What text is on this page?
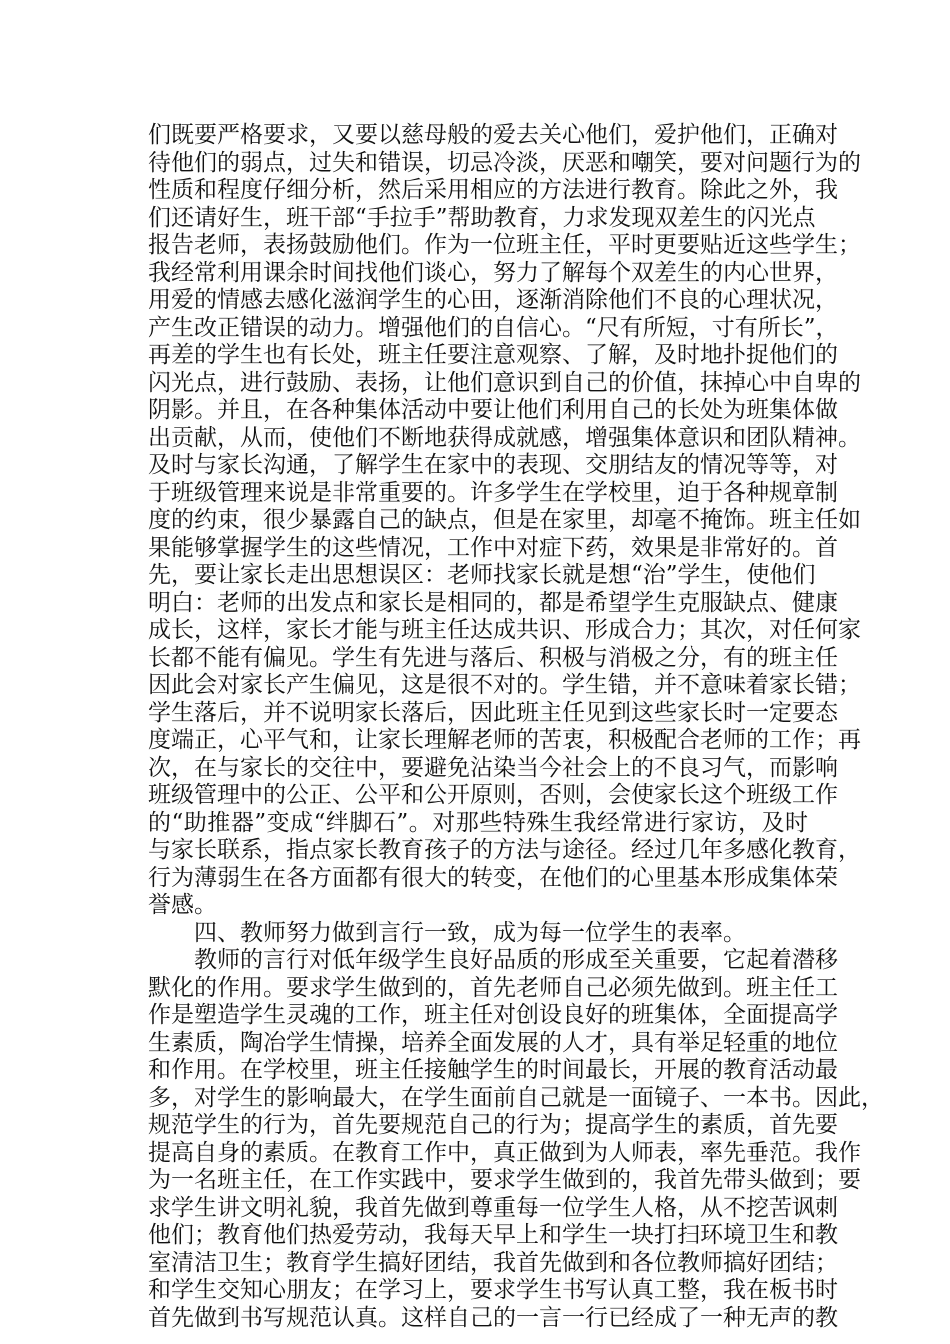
们既要严格要求，又要以慈母般的爱去关心他们，爱护他们，正确对
待他们的弱点，过失和错误，切忌冷淡，厌恶和嘲笑，要对问题行为的
性质和程度仔细分析，然后采用相应的方法进行教育。除此之外，我
们还请好生，班干部“手拉手”帮助教育，力求发现双差生的闪光点
报告老师，表扬鼓励他们。作为一位班主任，平时更要贴近这些学生；
我经常利用课余时间找他们谈心，努力了解每个双差生的内心世界，
用爱的情感去感化滋润学生的心田，逐渐消除他们不良的心理状况，
产生改正错误的动力。增强他们的自信心。“尺有所短，寸有所长”，
再差的学生也有长处，班主任要注意观察、了解，及时地扑捉他们的
闪光点，进行鼓励、表扬，让他们意识到自己的价值，抹掉心中自卑的
阴影。并且，在各种集体活动中要让他们利用自己的长处为班集体做
出贡献，从而，使他们不断地获得成就感，增强集体意识和团队精神。
及时与家长沟通，了解学生在家中的表现、交朋结友的情况等等，对
于班级管理来说是非常重要的。许多学生在学校里，迫于各种规章制
度的约束，很少暴露自己的缺点，但是在家里，却毫不掩饰。班主任如
果能够掌握学生的这些情况，工作中对症下药，效果是非常好的。首
先，要让家长走出思想误区：老师找家长就是想“治”学生，使他们
明白：老师的出发点和家长是相同的，都是希望学生克服缺点、健康
成长，这样，家长才能与班主任达成共识、形成合力；其次，对任何家
长都不能有偏见。学生有先进与落后、积极与消极之分，有的班主任
因此会对家长产生偏见，这是很不对的。学生错，并不意味着家长错；
学生落后，并不说明家长落后，因此班主任见到这些家长时一定要态
度端正，心平气和，让家长理解老师的苦衷，积极配合老师的工作；再
次，在与家长的交往中，要避免沾染当今社会上的不良习气，而影响
班级管理中的公正、公平和公开原则，否则，会使家长这个班级工作
的“助推器”变成“绊脚石”。对那些特殊生我经常进行家访，及时
与家长联系，指点家长教育孩子的方法与途径。经过几年多感化教育，
行为薄弱生在各方面都有很大的转变，在他们的心里基本形成集体荣
誉感。
四、教师努力做到言行一致，成为每一位学生的表率。
教师的言行对低年级学生良好品质的形成至关重要，它起着潜移
默化的作用。要求学生做到的，首先老师自己必须先做到。班主任工
作是塑造学生灵魂的工作，班主任对创设良好的班集体，全面提高学
生素质，陶冶学生情操，培养全面发展的人才，具有举足轻重的地位
和作用。在学校里，班主任接触学生的时间最长，开展的教育活动最
多，对学生的影响最大，在学生面前自己就是一面镜子、一本书。因此，
规范学生的行为，首先要规范自己的行为；提高学生的素质，首先要
提高自身的素质。在教育工作中，真正做到为人师表，率先垂范。我作
为一名班主任，在工作实践中，要求学生做到的，我首先带头做到；要
求学生讲文明礼貌，我首先做到尊重每一位学生人格，从不挖苦讽刺
他们；教育他们热爱劳动，我每天早上和学生一块打扫环境卫生和教
室清洁卫生；教育学生搞好团结，我首先做到和各位教师搞好团结；
和学生交知心朋友；在学习上，要求学生书写认真工整，我在板书时
首先做到书写规范认真。这样自己的一言一行已经成了一种无声的教
